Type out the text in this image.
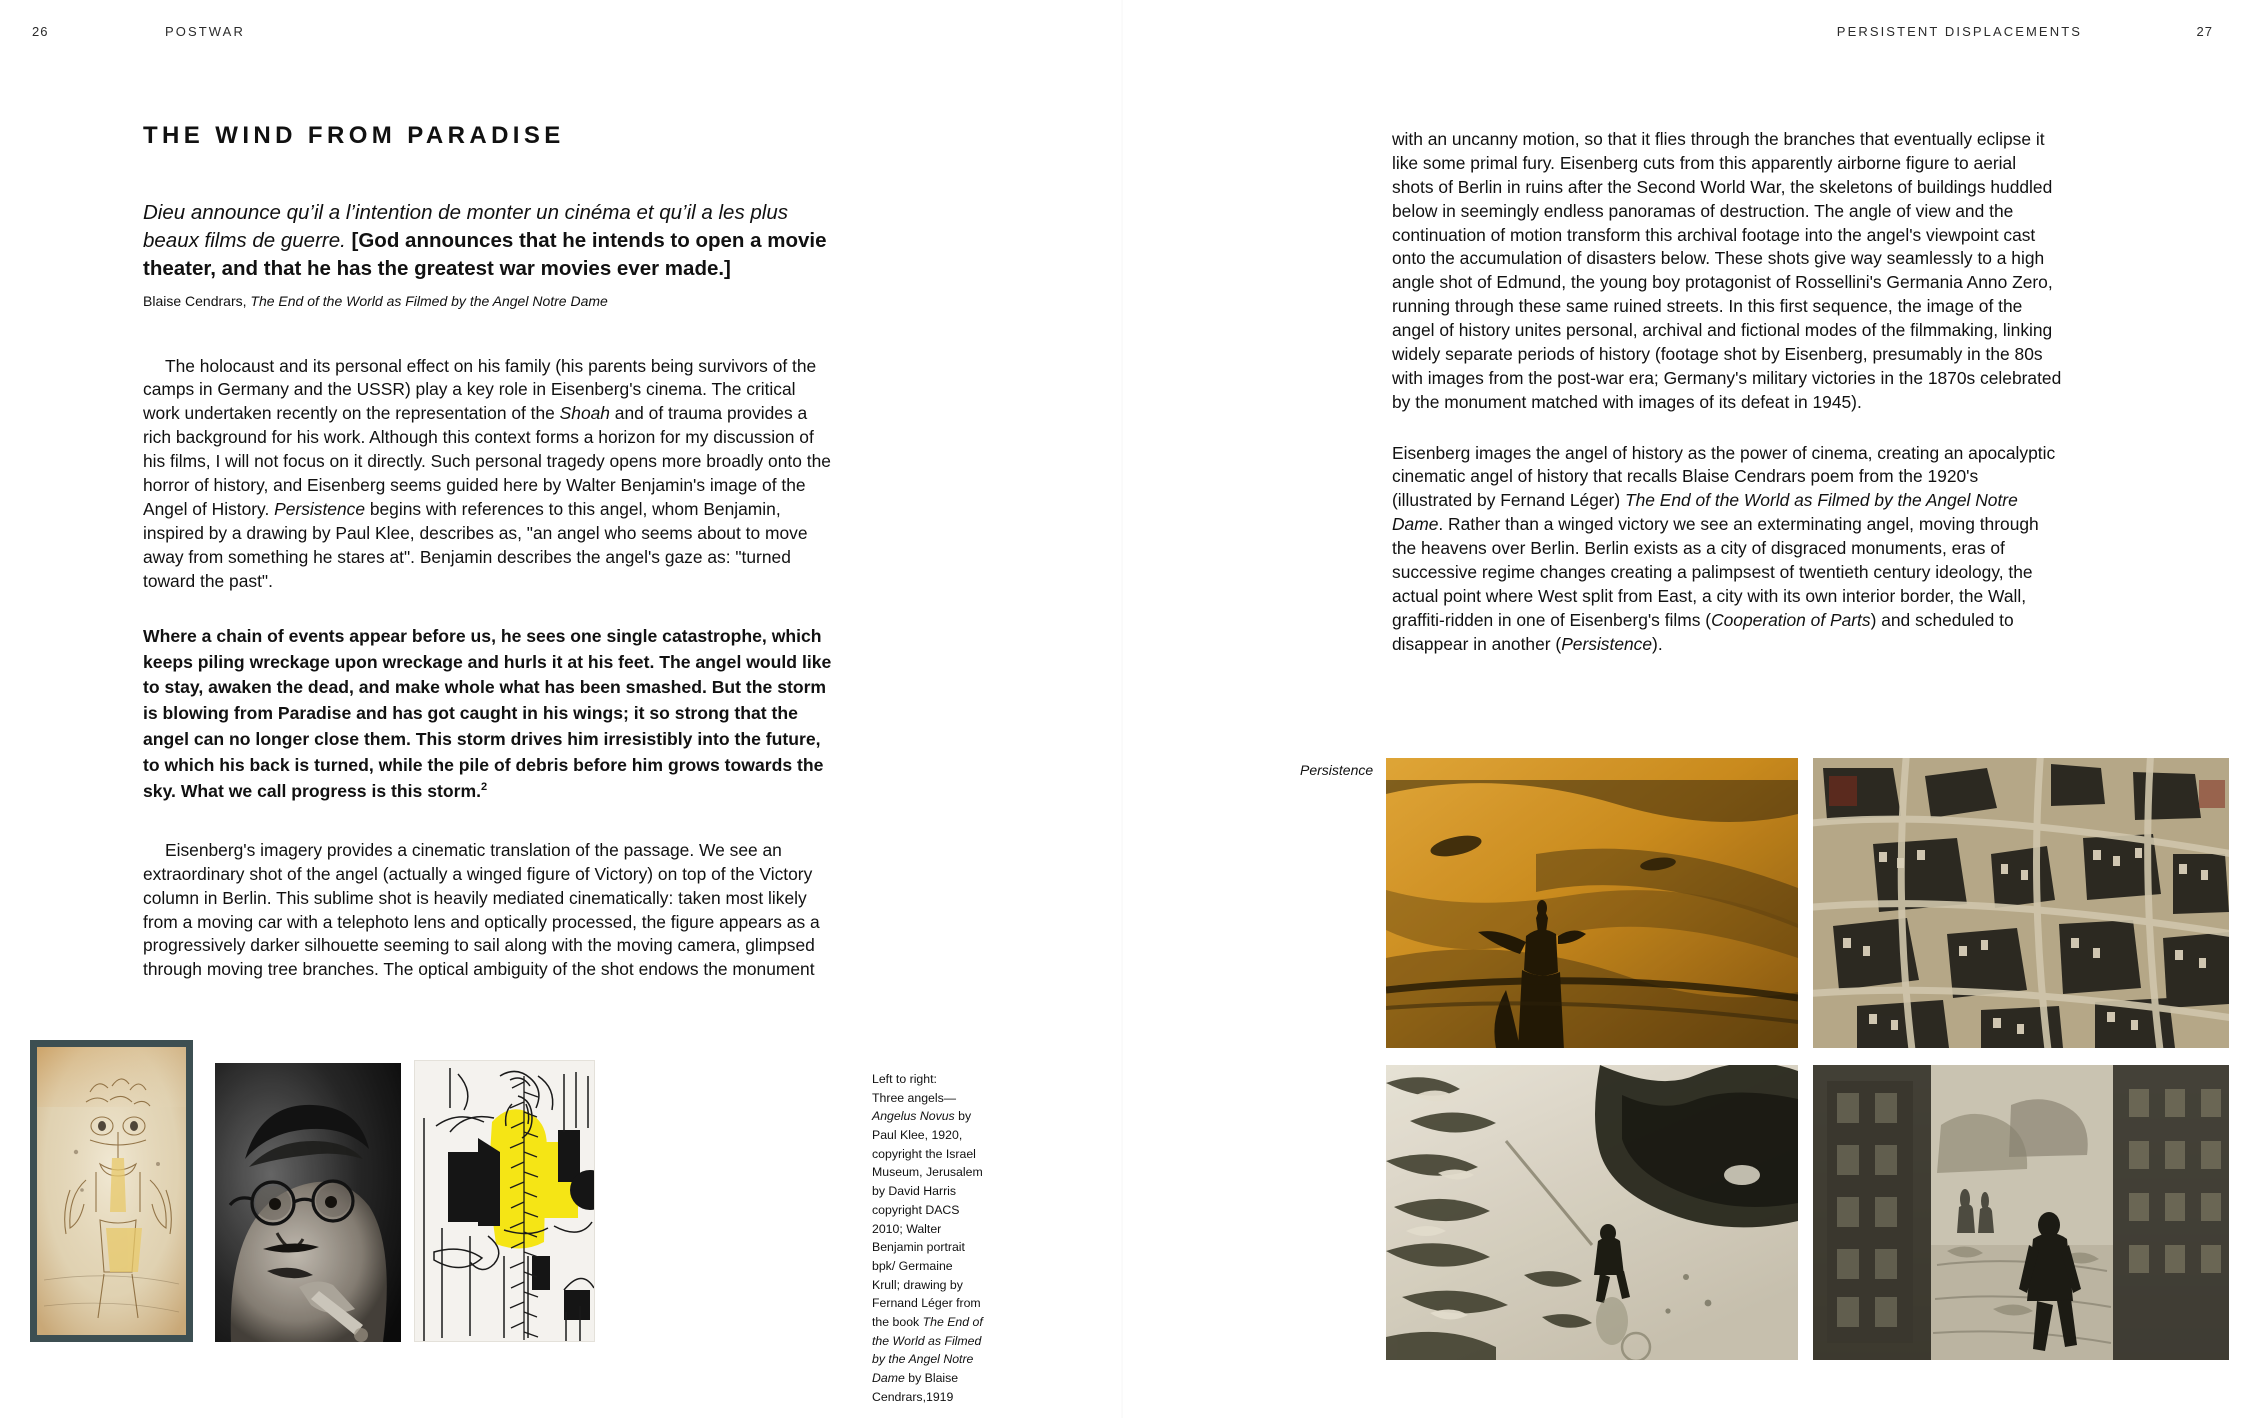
26	POSTWAR	PERSISTENT DISPLACEMENTS	27
THE WIND FROM PARADISE

Dieu announce qu’il a l’intention de monter un cinéma et qu’il a les plus beaux films de guerre. [God announces that he intends to open a movie theater, and that he has the greatest war movies ever made.]

Blaise Cendrars, The End of the World as Filmed by the Angel Notre Dame

The holocaust and its personal effect on his family (his parents being survivors of the camps in Germany and the USSR) play a key role in Eisenberg's cinema. The critical work undertaken recently on the representation of the Shoah and of trauma provides a rich background for his work. Although this context forms a horizon for my discussion of his films, I will not focus on it directly. Such personal tragedy opens more broadly onto the horror of history, and Eisenberg seems guided here by Walter Benjamin's image of the Angel of History. Persistence begins with references to this angel, whom Benjamin, inspired by a drawing by Paul Klee, describes as, "an angel who seems about to move away from something he stares at". Benjamin describes the angel's gaze as: "turned toward the past".

Where a chain of events appear before us, he sees one single catastrophe, which keeps piling wreckage upon wreckage and hurls it at his feet. The angel would like to stay, awaken the dead, and make whole what has been smashed. But the storm is blowing from Paradise and has got caught in his wings; it so strong that the angel can no longer close them. This storm drives him irresistibly into the future, to which his back is turned, while the pile of debris before him grows towards the sky. What we call progress is this storm.$^2$

Eisenberg's imagery provides a cinematic translation of the passage. We see an extraordinary shot of the angel (actually a winged figure of Victory) on top of the Victory column in Berlin. This sublime shot is heavily mediated cinematically: taken most likely from a moving car with a telephoto lens and optically processed, the figure appears as a progressively darker silhouette seeming to sail along with the moving camera, glimpsed through moving tree branches. The optical ambiguity of the shot endows the monument

with an uncanny motion, so that it flies through the branches that eventually eclipse it like some primal fury. Eisenberg cuts from this apparently airborne figure to aerial shots of Berlin in ruins after the Second World War, the skeletons of buildings huddled below in seemingly endless panoramas of destruction. The angle of view and the continuation of motion transform this archival footage into the angel's viewpoint cast onto the accumulation of disasters below. These shots give way seamlessly to a high angle shot of Edmund, the young boy protagonist of Rossellini's Germania Anno Zero, running through these same ruined streets. In this first sequence, the image of the angel of history unites personal, archival and fictional modes of the filmmaking, linking widely separate periods of history (footage shot by Eisenberg, presumably in the 80s with images from the post-war era; Germany's military victories in the 1870s celebrated by the monument matched with images of its defeat in 1945).

Eisenberg images the angel of history as the power of cinema, creating an apocalyptic cinematic angel of history that recalls Blaise Cendrars poem from the 1920's (illustrated by Fernand Léger) The End of the World as Filmed by the Angel Notre Dame. Rather than a winged victory we see an exterminating angel, moving through the heavens over Berlin. Berlin exists as a city of disgraced monuments, eras of successive regime changes creating a palimpsest of twentieth century ideology, the actual point where West split from East, a city with its own interior border, the Wall, graffiti-ridden in one of Eisenberg's films (Cooperation of Parts) and scheduled to disappear in another (Persistence).

Left to right:
Three angels—Angelus Novus by Paul Klee, 1920, copyright the Israel Museum, Jerusalem by David Harris copyright DACS 2010; Walter Benjamin portrait bpk/ Germaine Krull; drawing by Fernand Léger from the book The End of the World as Filmed by the Angel Notre Dame by Blaise Cendrars,1919
Persistence
